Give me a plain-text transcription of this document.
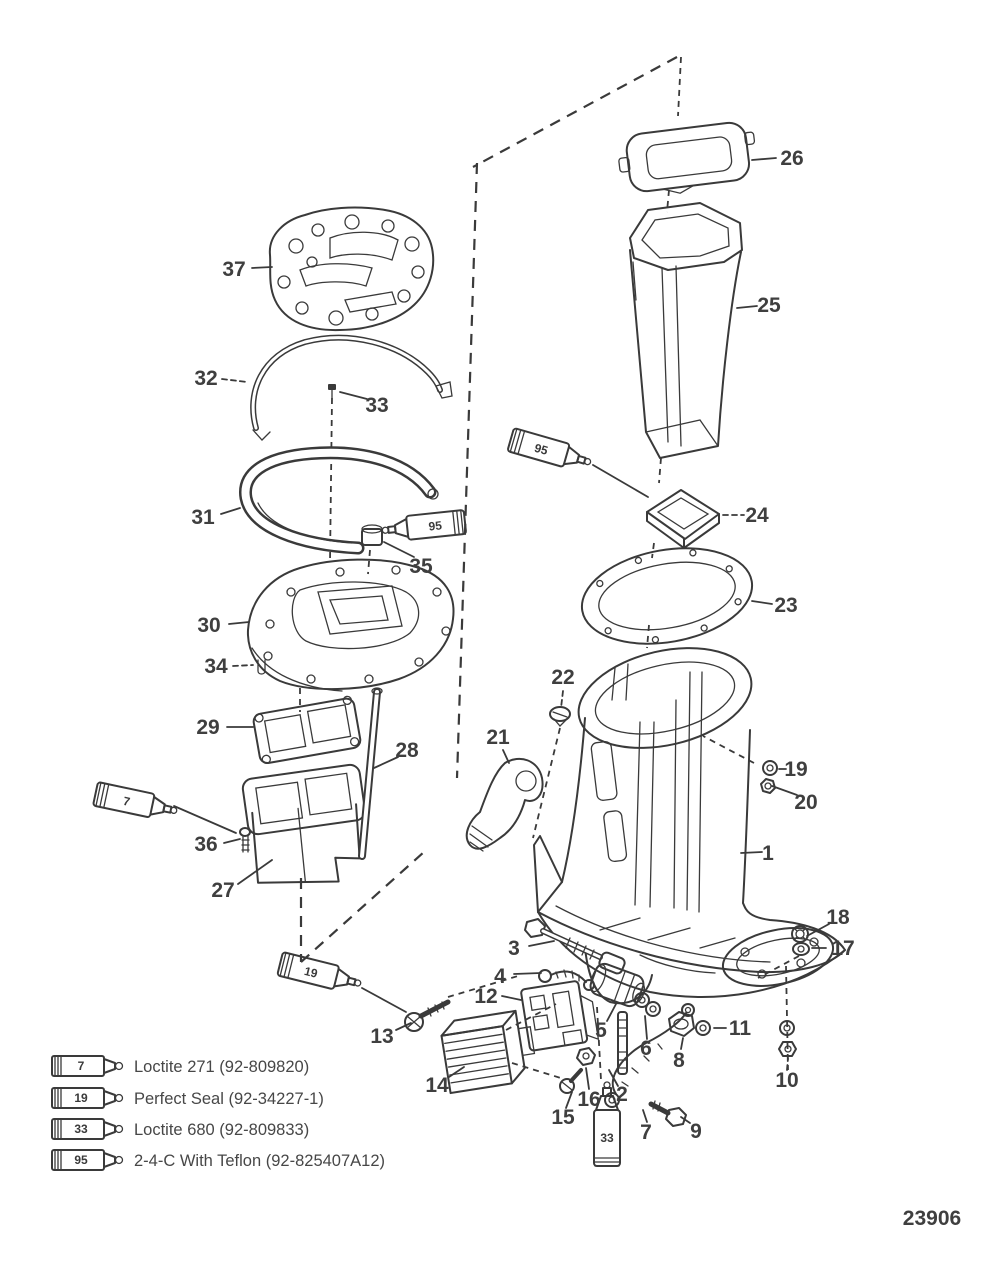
7
19
95
95
33
1
2
3
4
5
6
7
8
9
10
11
12
13
14
15
16
17
18
19
20
21
22
23
24
25
26
27
28
29
30
31
32
33
34
35
36
37
7	Loctite 271 (92-809820)
19	Perfect Seal (92-34227-1)
33	Loctite 680 (92-809833)
95	2-4-C With Teflon (92-825407A12)
23906
